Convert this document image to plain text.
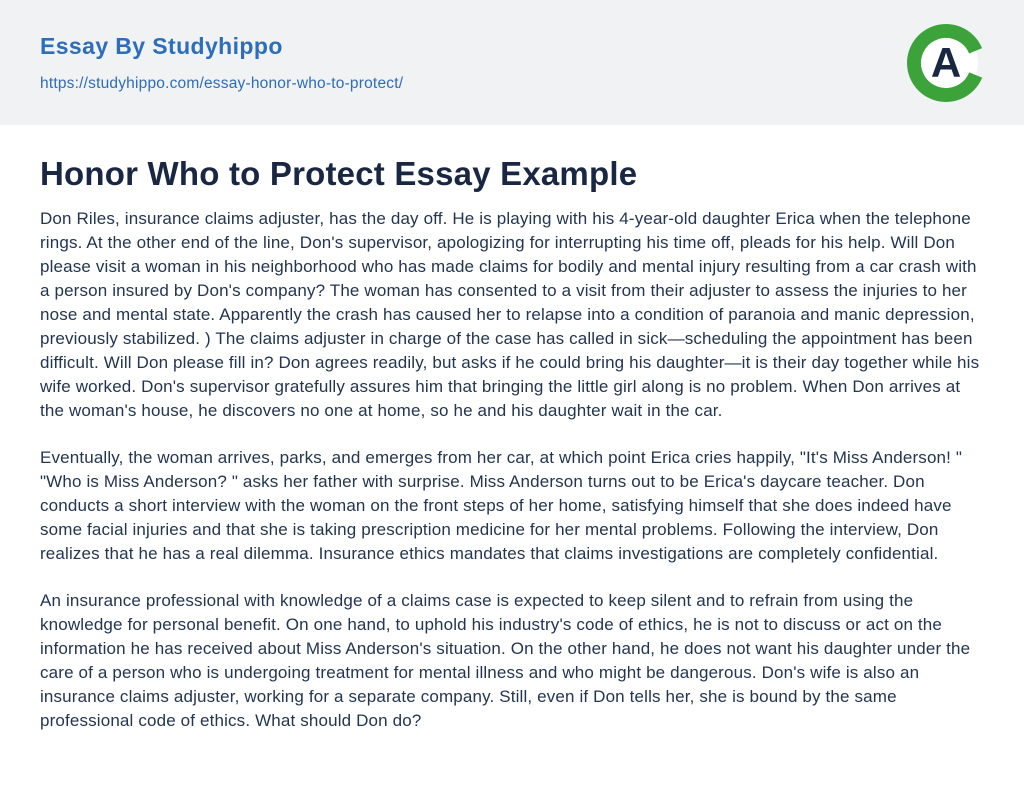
Essay By Studyhippo
https://studyhippo.com/essay-honor-who-to-protect/	A
Honor Who to Protect Essay Example

Don Riles, insurance claims adjuster, has the day off. He is playing with his 4-year-old daughter Erica when the telephone rings. At the other end of the line, Don's supervisor, apologizing for interrupting his time off, pleads for his help. Will Don please visit a woman in his neighborhood who has made claims for bodily and mental injury resulting from a car crash with a person insured by Don's company? The woman has consented to a visit from their adjuster to assess the injuries to her nose and mental state. Apparently the crash has caused her to relapse into a condition of paranoia and manic depression, previously stabilized. ) The claims adjuster in charge of the case has called in sick—scheduling the appointment has been difficult. Will Don please fill in? Don agrees readily, but asks if he could bring his daughter—it is their day together while his wife worked. Don's supervisor gratefully assures him that bringing the little girl along is no problem. When Don arrives at the woman's house, he discovers no one at home, so he and his daughter wait in the car.

Eventually, the woman arrives, parks, and emerges from her car, at which point Erica cries happily, "It's Miss Anderson! " "Who is Miss Anderson? " asks her father with surprise. Miss Anderson turns out to be Erica's daycare teacher. Don conducts a short interview with the woman on the front steps of her home, satisfying himself that she does indeed have some facial injuries and that she is taking prescription medicine for her mental problems. Following the interview, Don realizes that he has a real dilemma. Insurance ethics mandates that claims investigations are completely confidential.

An insurance professional with knowledge of a claims case is expected to keep silent and to refrain from using the knowledge for personal benefit. On one hand, to uphold his industry's code of ethics, he is not to discuss or act on the information he has received about Miss Anderson's situation. On the other hand, he does not want his daughter under the care of a person who is undergoing treatment for mental illness and who might be dangerous. Don's wife is also an insurance claims adjuster, working for a separate company. Still, even if Don tells her, she is bound by the same professional code of ethics. What should Don do?
